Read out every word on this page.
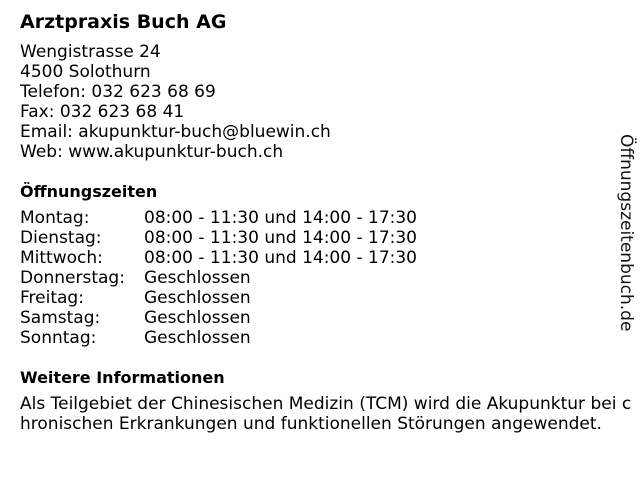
Arztpraxis Buch AG
Wengistrasse 24
4500 Solothurn
Telefon: 032 623 68 69
Fax: 032 623 68 41
Email: akupunktur-buch@bluewin.ch
Web: www.akupunktur-buch.ch
Öffnungszeiten
Montag:	08:00 - 11:30 und 14:00 - 17:30
Dienstag:	08:00 - 11:30 und 14:00 - 17:30
Mittwoch:	08:00 - 11:30 und 14:00 - 17:30
Donnerstag:	Geschlossen
Freitag:	Geschlossen
Samstag:	Geschlossen
Sonntag:	Geschlossen
Weitere Informationen
Als Teilgebiet der Chinesischen Medizin (TCM) wird die Akupunktur bei chronischen Erkrankungen und funktionellen Störungen angewendet.
Öffnungszeitenbuch.de
